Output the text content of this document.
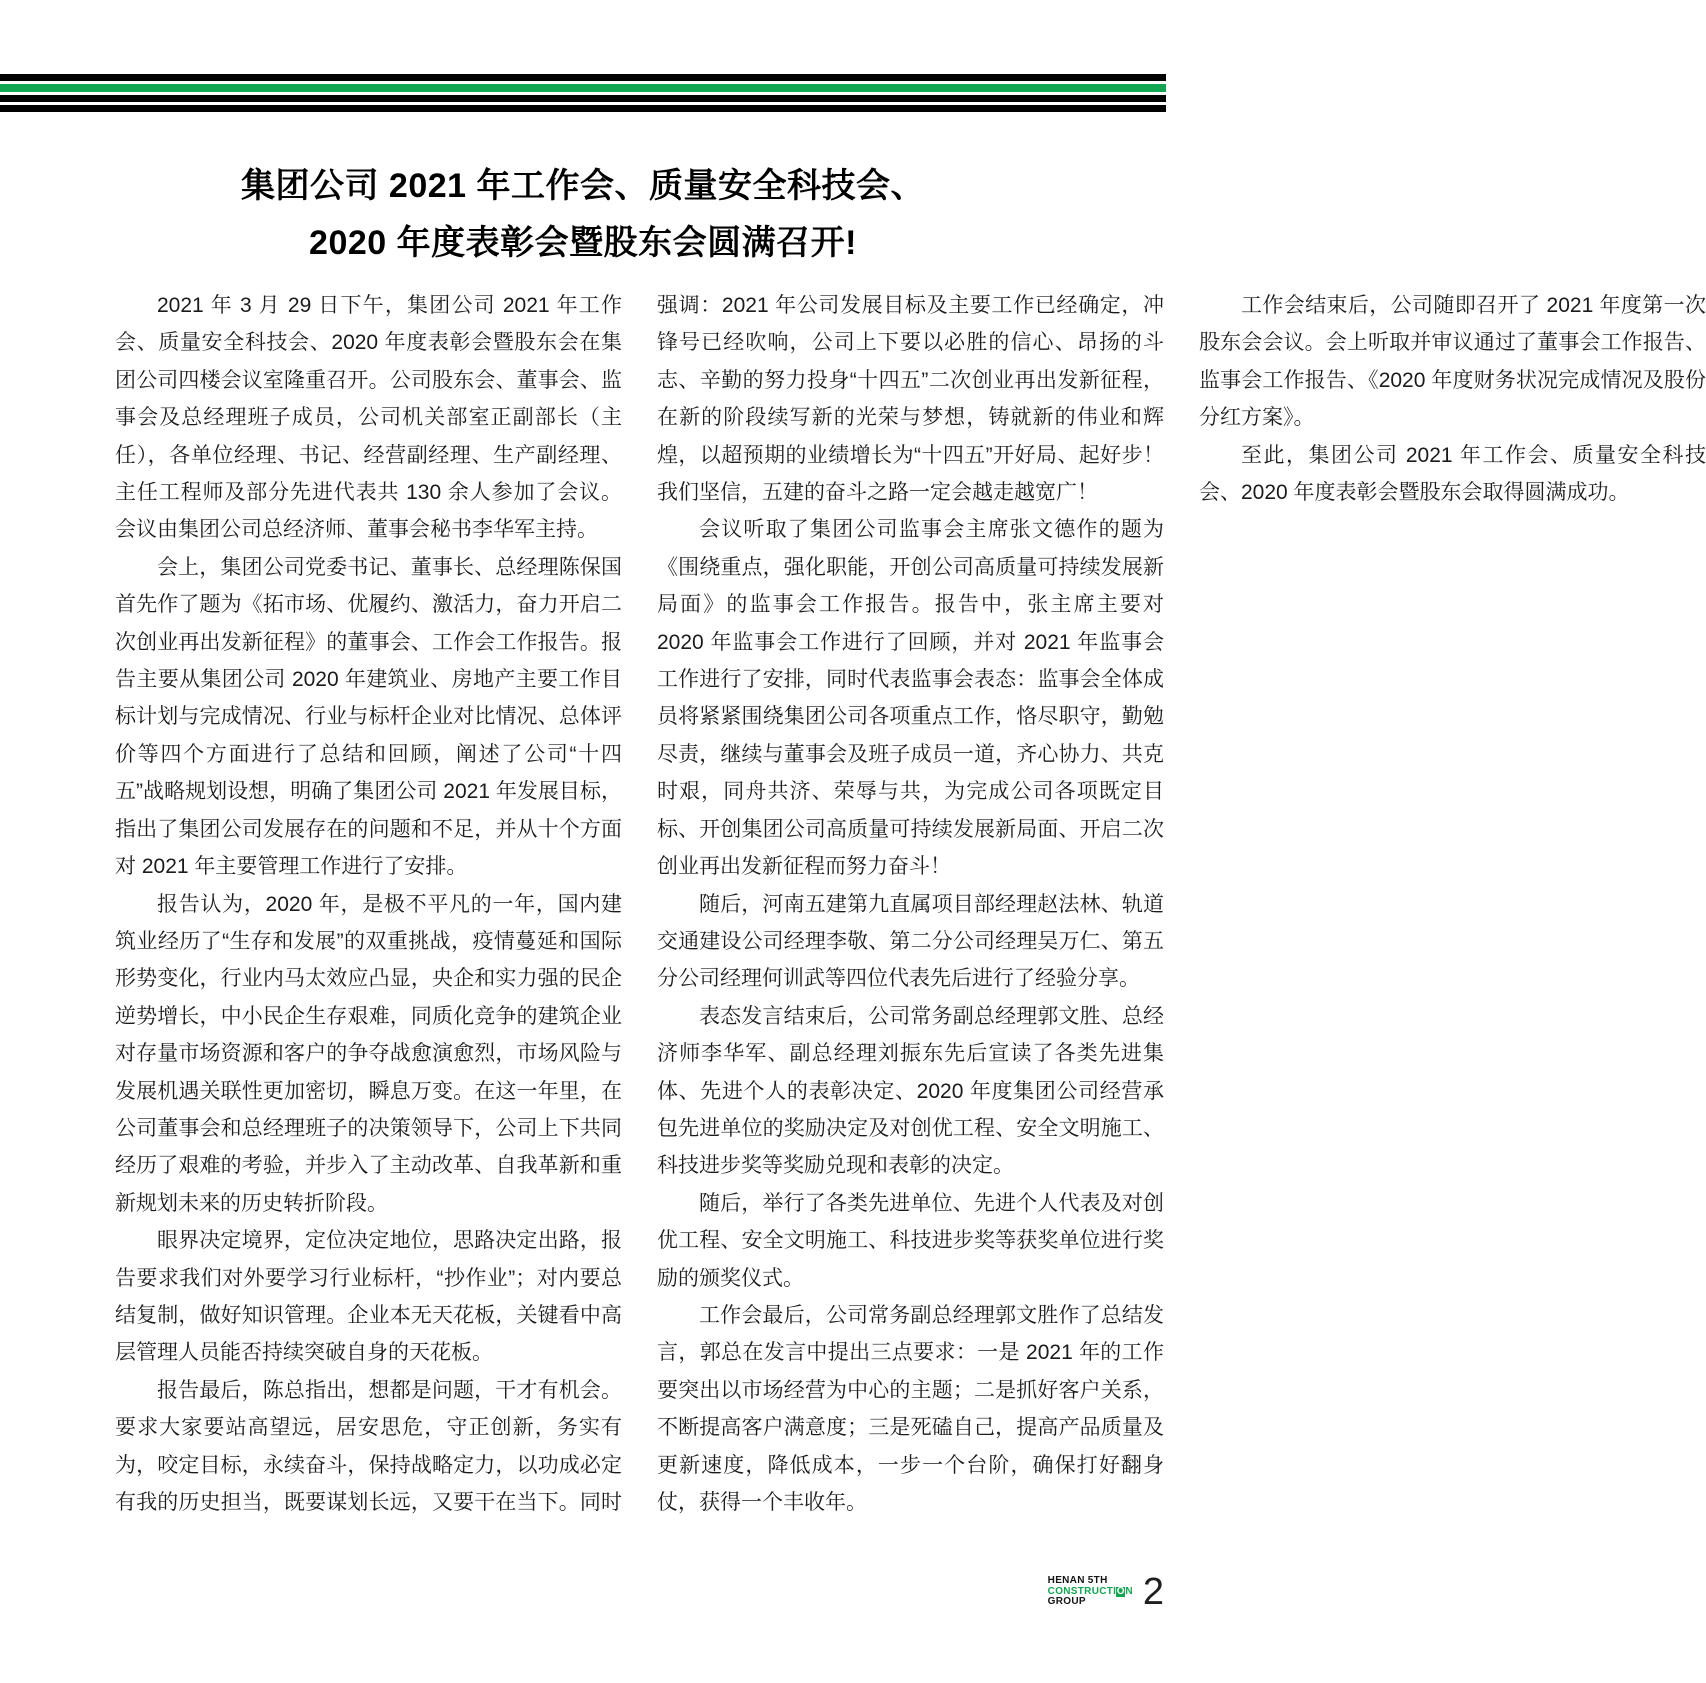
集团公司 2021 年工作会、质量安全科技会、
2020 年度表彰会暨股东会圆满召开!

2021 年 3 月 29 日下午，集团公司 2021 年工作会、质量安全科技会、2020 年度表彰会暨股东会在集团公司四楼会议室隆重召开。公司股东会、董事会、监事会及总经理班子成员，公司机关部室正副部长（主任），各单位经理、书记、经营副经理、生产副经理、主任工程师及部分先进代表共 130 余人参加了会议。会议由集团公司总经济师、董事会秘书李华军主持。

会上，集团公司党委书记、董事长、总经理陈保国首先作了题为《拓市场、优履约、激活力，奋力开启二次创业再出发新征程》的董事会、工作会工作报告。报告主要从集团公司 2020 年建筑业、房地产主要工作目标计划与完成情况、行业与标杆企业对比情况、总体评价等四个方面进行了总结和回顾，阐述了公司“十四五”战略规划设想，明确了集团公司 2021 年发展目标，指出了集团公司发展存在的问题和不足，并从十个方面对 2021 年主要管理工作进行了安排。

报告认为，2020 年，是极不平凡的一年，国内建筑业经历了“生存和发展”的双重挑战，疫情蔓延和国际形势变化，行业内马太效应凸显，央企和实力强的民企逆势增长，中小民企生存艰难，同质化竞争的建筑企业对存量市场资源和客户的争夺战愈演愈烈，市场风险与发展机遇关联性更加密切，瞬息万变。在这一年里，在公司董事会和总经理班子的决策领导下，公司上下共同经历了艰难的考验，并步入了主动改革、自我革新和重新规划未来的历史转折阶段。

眼界决定境界，定位决定地位，思路决定出路，报告要求我们对外要学习行业标杆，“抄作业”；对内要总结复制，做好知识管理。企业本无天花板，关键看中高层管理人员能否持续突破自身的天花板。

报告最后，陈总指出，想都是问题，干才有机会。要求大家要站高望远，居安思危，守正创新，务实有为，咬定目标，永续奋斗，保持战略定力，以功成必定有我的历史担当，既要谋划长远，又要干在当下。同时强调：2021 年公司发展目标及主要工作已经确定，冲锋号已经吹响，公司上下要以必胜的信心、昂扬的斗志、辛勤的努力投身“十四五”二次创业再出发新征程，在新的阶段续写新的光荣与梦想，铸就新的伟业和辉煌，以超预期的业绩增长为“十四五”开好局、起好步！我们坚信，五建的奋斗之路一定会越走越宽广！

会议听取了集团公司监事会主席张文德作的题为《围绕重点，强化职能，开创公司高质量可持续发展新局面》的监事会工作报告。报告中，张主席主要对 2020 年监事会工作进行了回顾，并对 2021 年监事会工作进行了安排，同时代表监事会表态：监事会全体成员将紧紧围绕集团公司各项重点工作，恪尽职守，勤勉尽责，继续与董事会及班子成员一道，齐心协力、共克时艰，同舟共济、荣辱与共，为完成公司各项既定目标、开创集团公司高质量可持续发展新局面、开启二次创业再出发新征程而努力奋斗！

随后，河南五建第九直属项目部经理赵法林、轨道交通建设公司经理李敬、第二分公司经理吴万仁、第五分公司经理何训武等四位代表先后进行了经验分享。

表态发言结束后，公司常务副总经理郭文胜、总经济师李华军、副总经理刘振东先后宣读了各类先进集体、先进个人的表彰决定、2020 年度集团公司经营承包先进单位的奖励决定及对创优工程、安全文明施工、科技进步奖等奖励兑现和表彰的决定。

随后，举行了各类先进单位、先进个人代表及对创优工程、安全文明施工、科技进步奖等获奖单位进行奖励的颁奖仪式。

工作会最后，公司常务副总经理郭文胜作了总结发言，郭总在发言中提出三点要求：一是 2021 年的工作要突出以市场经营为中心的主题；二是抓好客户关系，不断提高客户满意度；三是死磕自己，提高产品质量及更新速度，降低成本，一步一个台阶，确保打好翻身仗，获得一个丰收年。

工作会结束后，公司随即召开了 2021 年度第一次股东会会议。会上听取并审议通过了董事会工作报告、监事会工作报告、《2020 年度财务状况完成情况及股份分红方案》。

至此，集团公司 2021 年工作会、质量安全科技会、2020 年度表彰会暨股东会取得圆满成功。

HENAN 5TH
CONSTRUCTION
GROUP	2
